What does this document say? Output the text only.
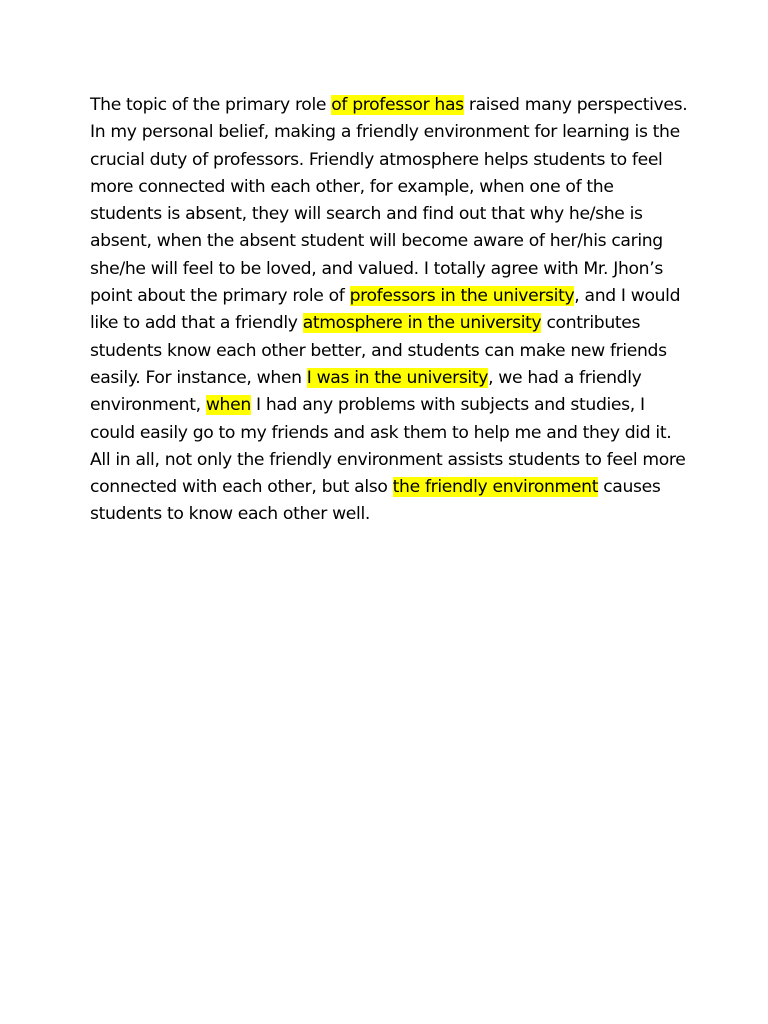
The topic of the primary role of professor has raised many perspectives.
In my personal belief, making a friendly environment for learning is the
crucial duty of professors. Friendly atmosphere helps students to feel
more connected with each other, for example, when one of the
students is absent, they will search and find out that why he/she is
absent, when the absent student will become aware of her/his caring
she/he will feel to be loved, and valued. I totally agree with Mr. Jhon’s
point about the primary role of professors in the university, and I would
like to add that a friendly atmosphere in the university contributes
students know each other better, and students can make new friends
easily. For instance, when I was in the university, we had a friendly
environment, when I had any problems with subjects and studies, I
could easily go to my friends and ask them to help me and they did it.
All in all, not only the friendly environment assists students to feel more
connected with each other, but also the friendly environment causes
students to know each other well.
